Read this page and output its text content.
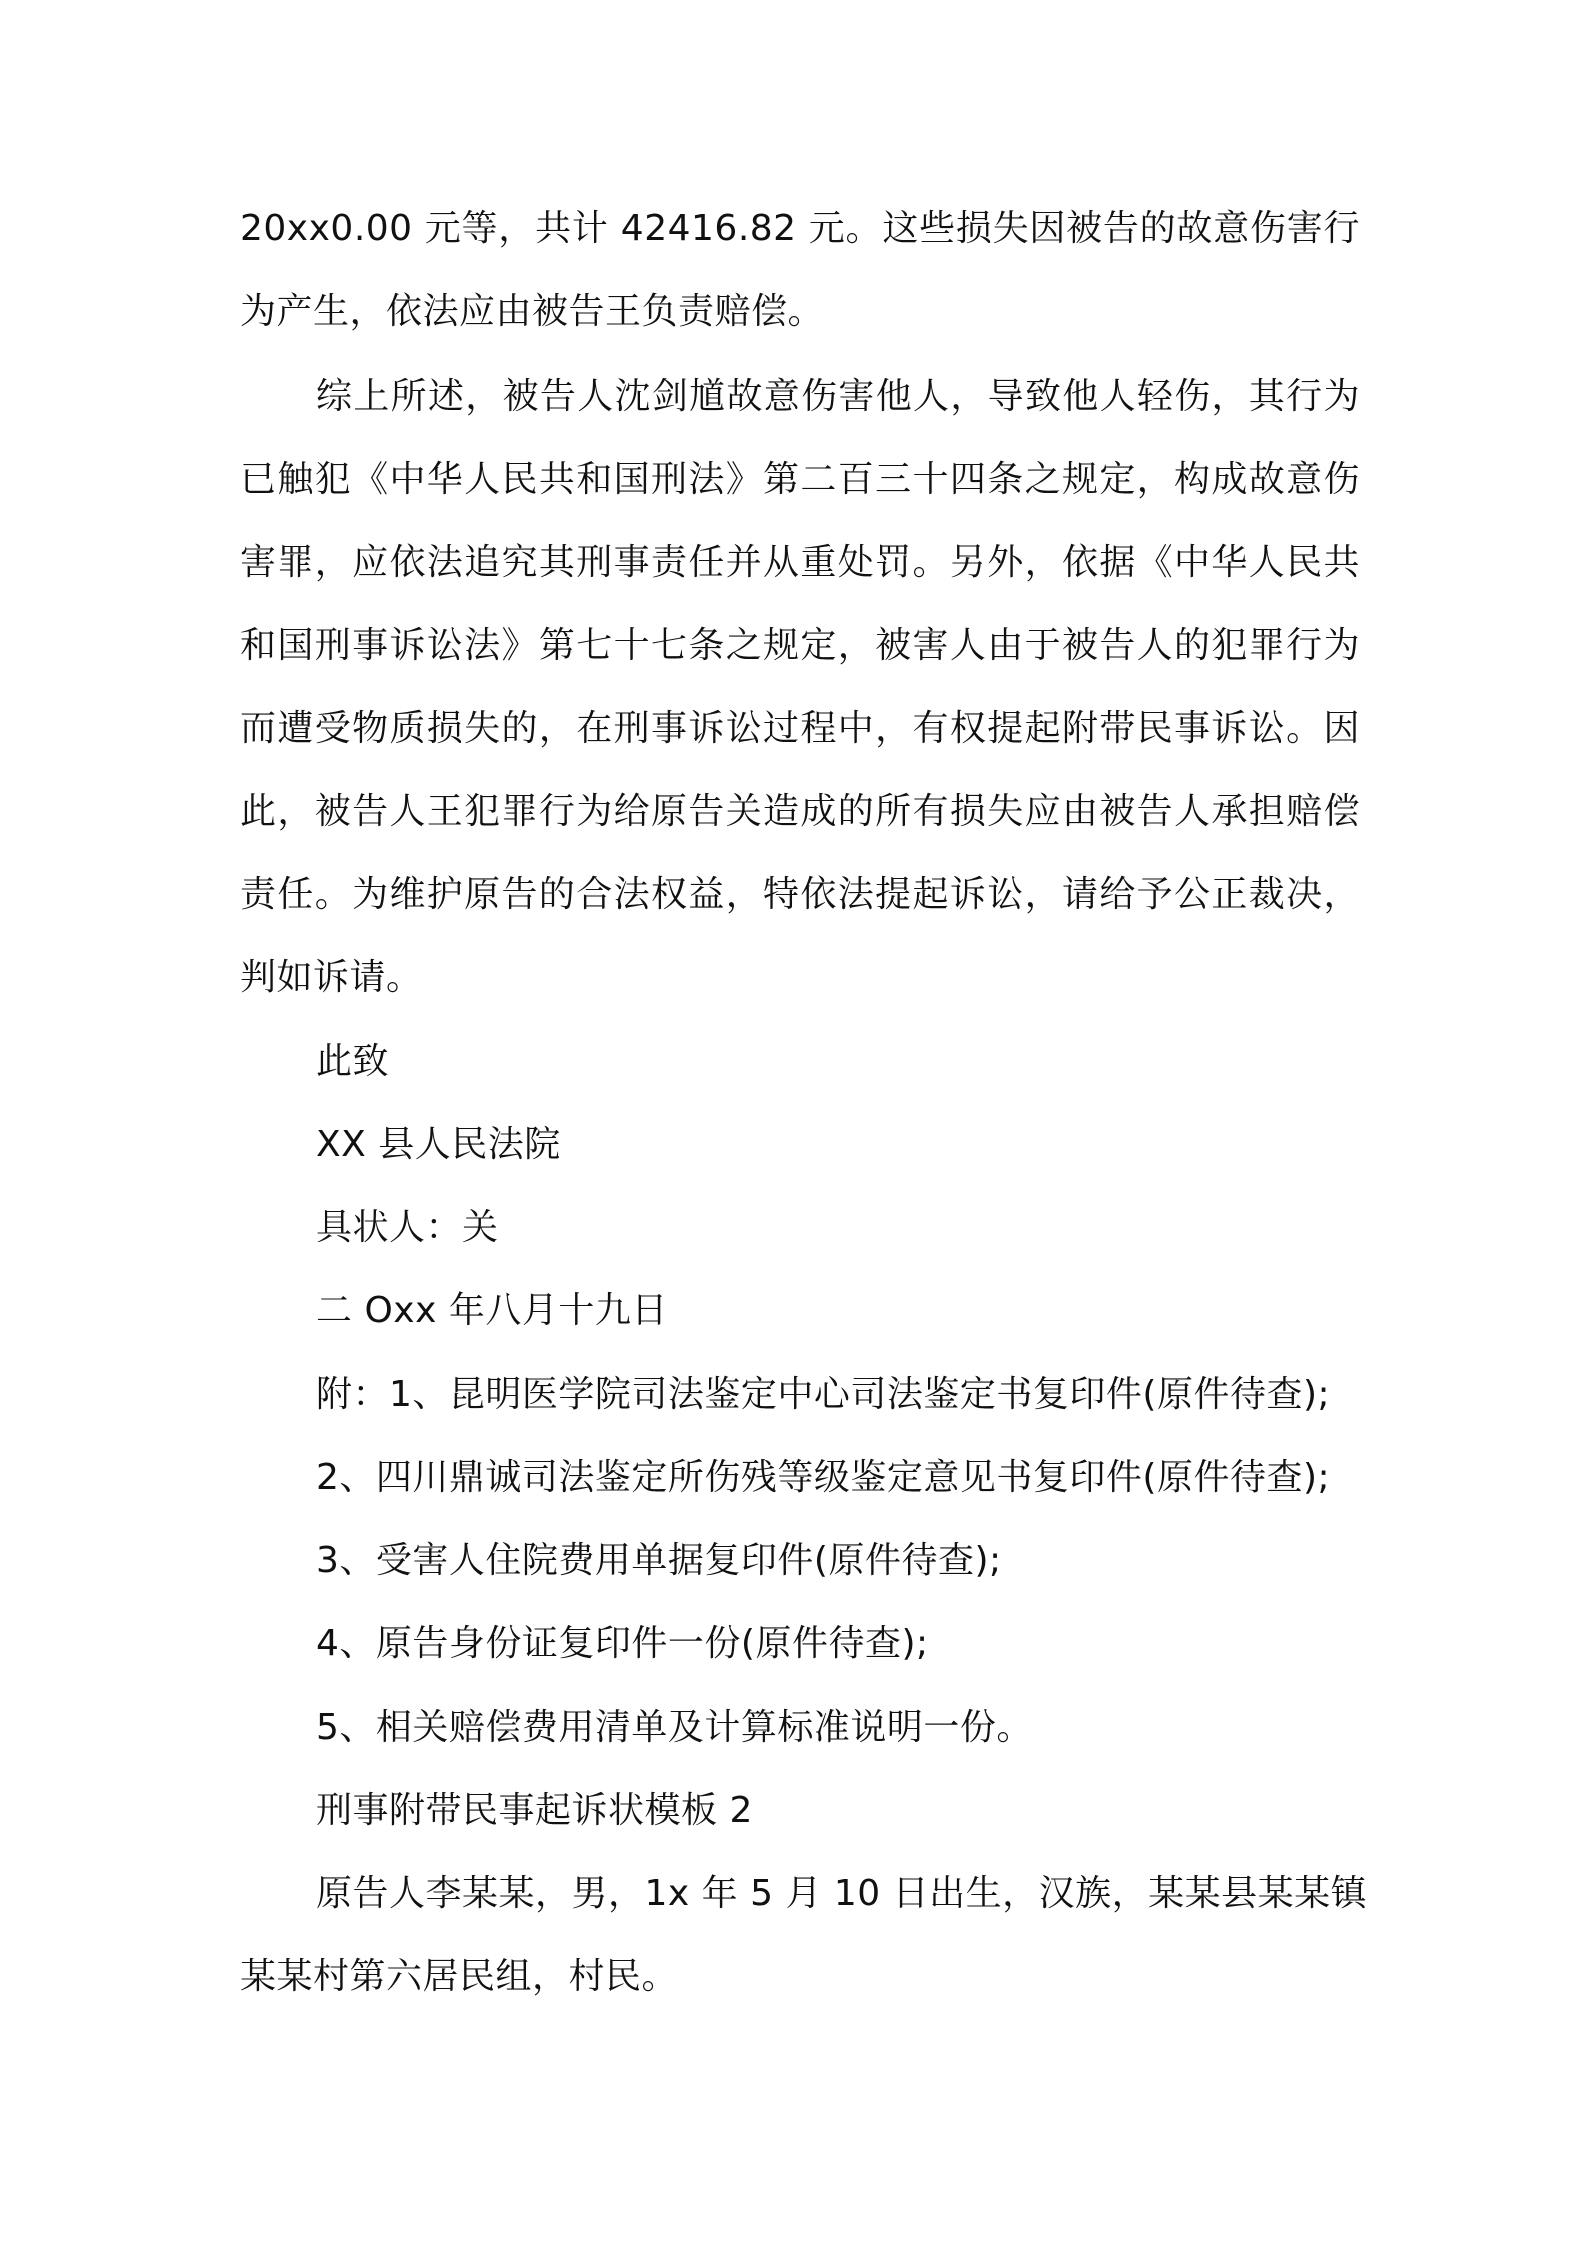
20xx0.00 元等，共计 42416.82 元。这些损失因被告的故意伤害行
为产生，依法应由被告王负责赔偿。
综上所述，被告人沈剑馗故意伤害他人，导致他人轻伤，其行为
已触犯《中华人民共和国刑法》第二百三十四条之规定，构成故意伤
害罪，应依法追究其刑事责任并从重处罚。另外，依据《中华人民共
和国刑事诉讼法》第七十七条之规定，被害人由于被告人的犯罪行为
而遭受物质损失的，在刑事诉讼过程中，有权提起附带民事诉讼。因
此，被告人王犯罪行为给原告关造成的所有损失应由被告人承担赔偿
责任。为维护原告的合法权益，特依法提起诉讼，请给予公正裁决，
判如诉请。
此致
XX 县人民法院
具状人：关
二 Oxx 年八月十九日
附：1、昆明医学院司法鉴定中心司法鉴定书复印件(原件待查);
2、四川鼎诚司法鉴定所伤残等级鉴定意见书复印件(原件待查);
3、受害人住院费用单据复印件(原件待查);
4、原告身份证复印件一份(原件待查);
5、相关赔偿费用清单及计算标准说明一份。
刑事附带民事起诉状模板 2
原告人李某某，男，1x 年 5 月 10 日出生，汉族，某某县某某镇
某某村第六居民组，村民。
